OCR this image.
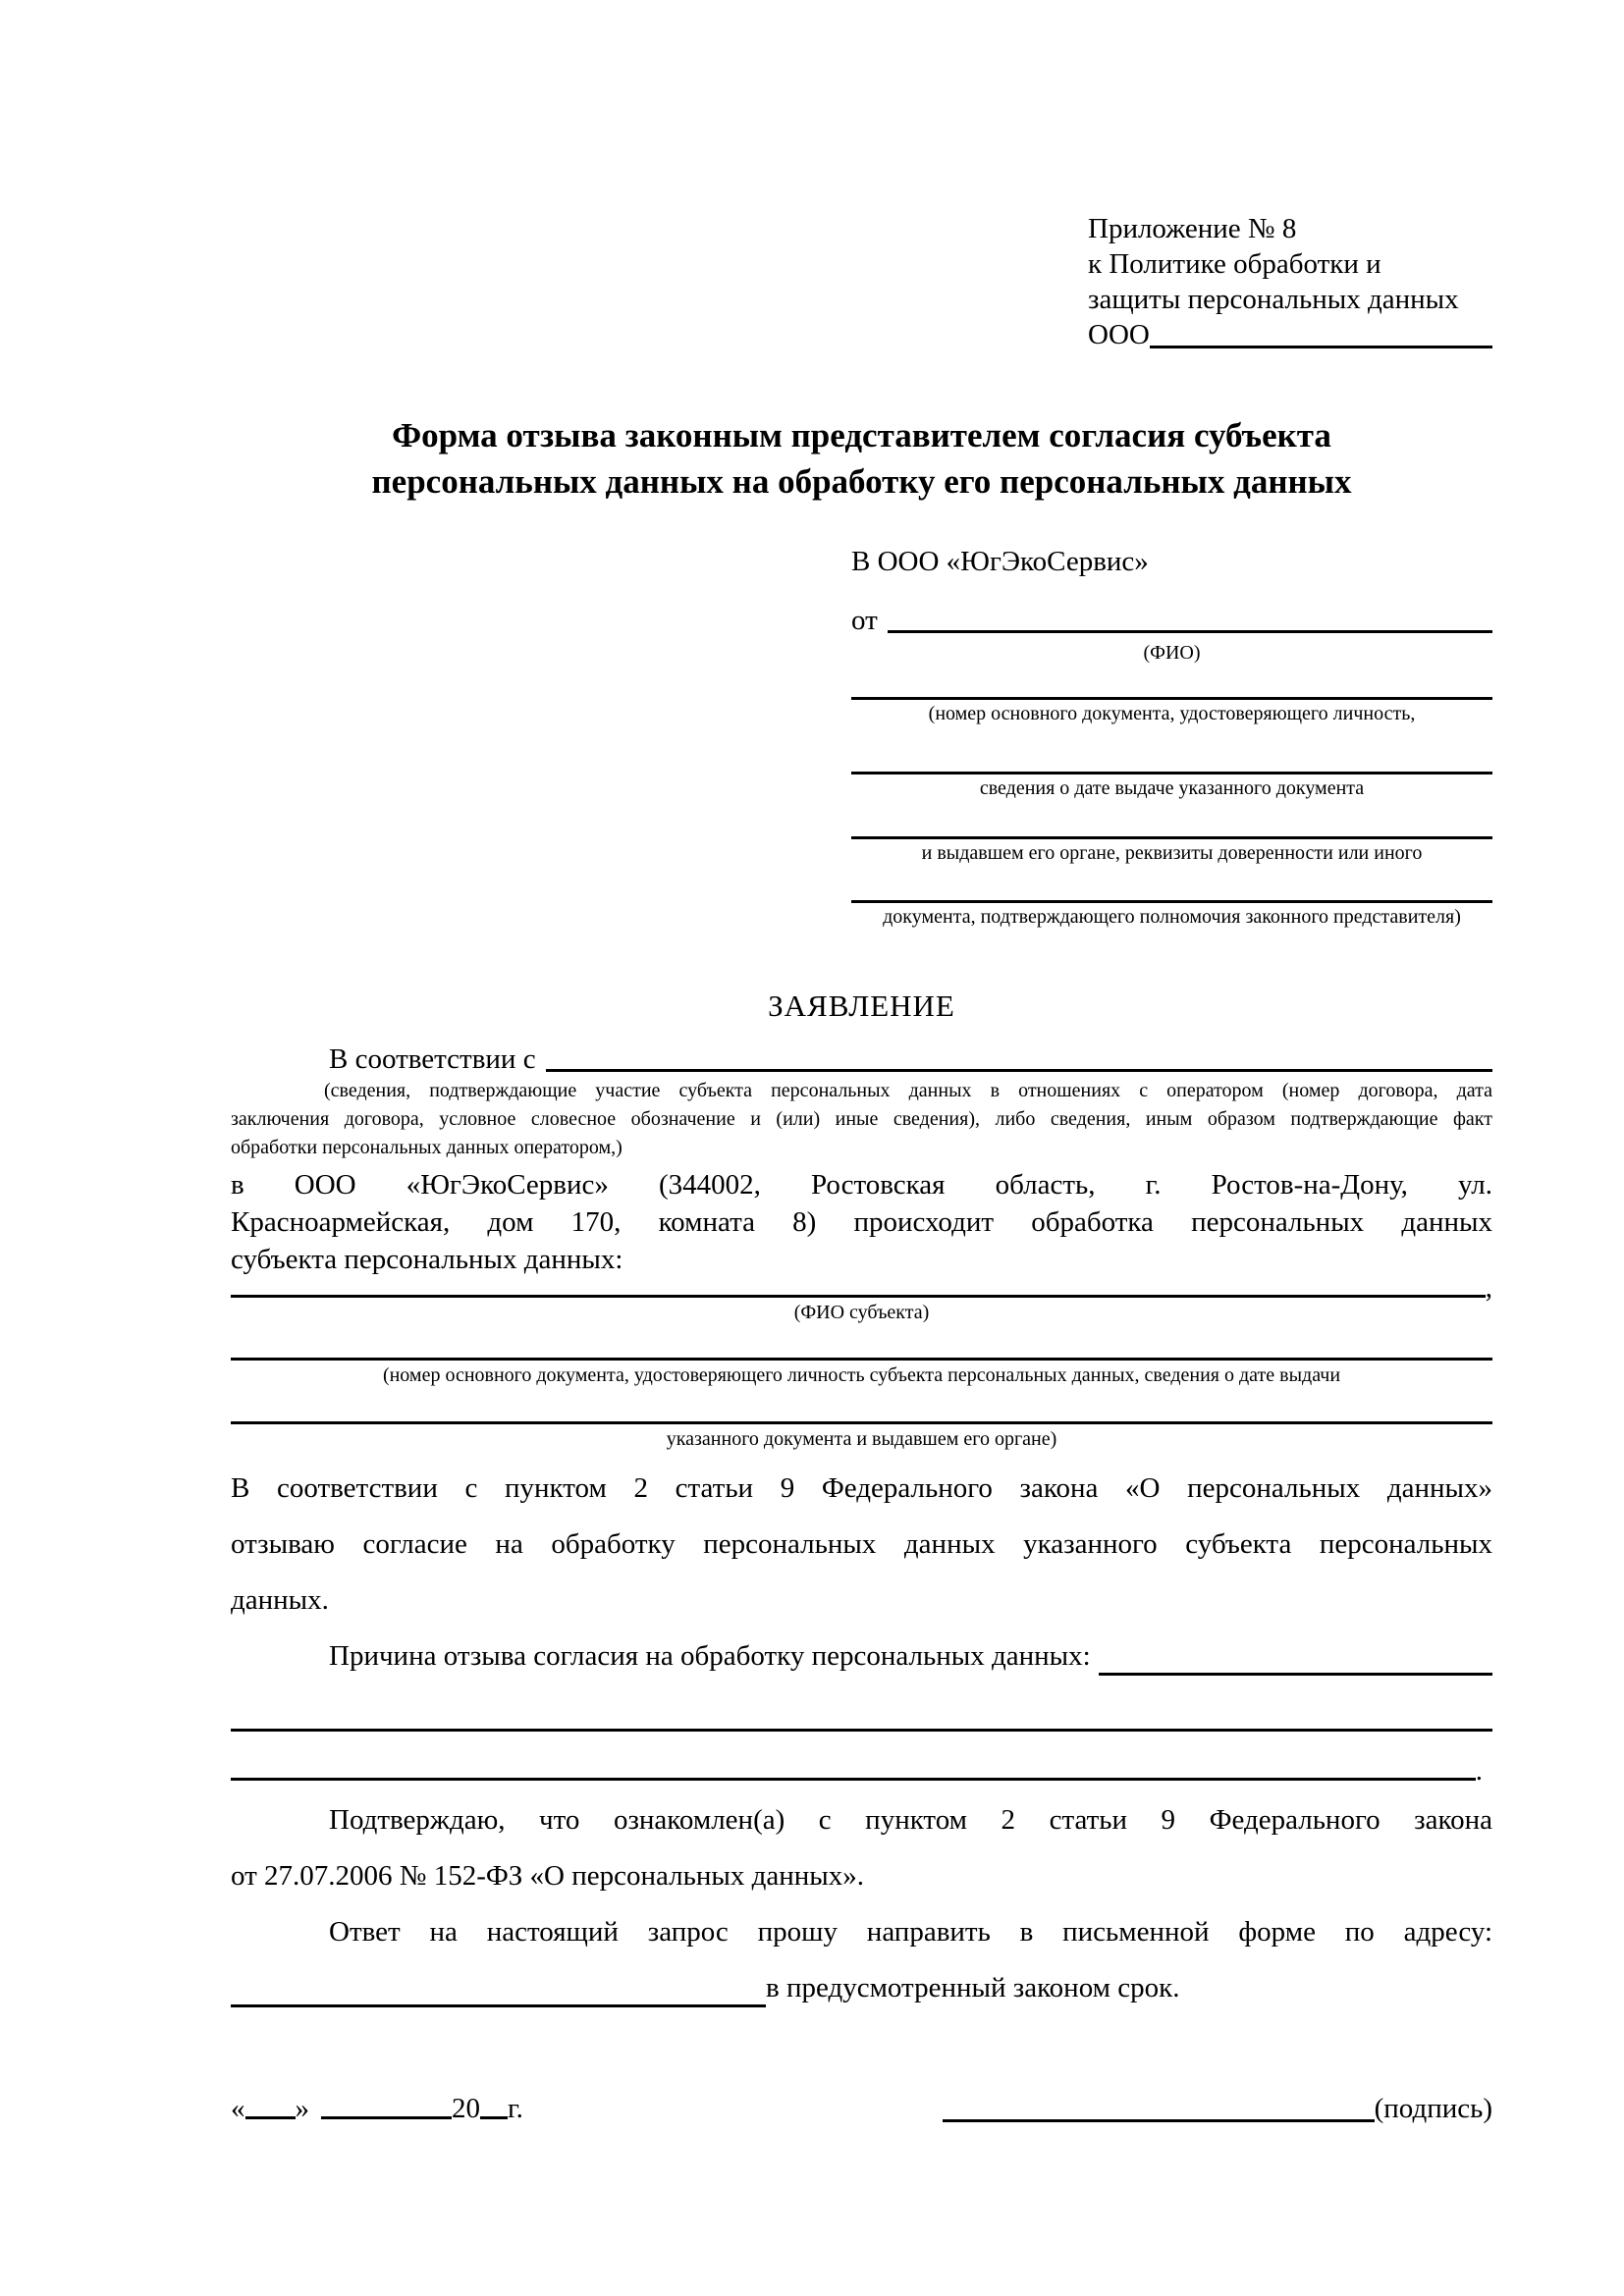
Приложение № 8
к Политике обработки и
защиты персональных данных
ООО
Форма отзыва законным представителем согласия субъекта персональных данных на обработку его персональных данных
В ООО «ЮгЭкоСервис»
от
(ФИО)
(номер основного документа, удостоверяющего личность,
сведения о дате выдаче указанного документа
и выдавшем его органе, реквизиты доверенности или иного
документа, подтверждающего полномочия законного представителя)
ЗАЯВЛЕНИЕ
В соответствии с
(сведения, подтверждающие участие субъекта персональных данных в отношениях с оператором (номер договора, дата
заключения договора, условное словесное обозначение и (или) иные сведения), либо сведения, иным образом подтверждающие факт
обработки персональных данных оператором,)
в ООО «ЮгЭкоСервис» (344002, Ростовская область, г. Ростов-на-Дону, ул.
Красноармейская, дом 170, комната 8) происходит обработка персональных данных
субъекта персональных данных:
,
(ФИО субъекта)
(номер основного документа, удостоверяющего личность субъекта персональных данных, сведения о дате выдачи
указанного документа и выдавшем его органе)
В соответствии с пунктом 2 статьи 9 Федерального закона «О персональных данных»
отзываю согласие на обработку персональных данных указанного субъекта персональных
данных.
Причина отзыва согласия на обработку персональных данных:
.
Подтверждаю, что ознакомлен(а) с пунктом 2 статьи 9 Федерального закона
от 27.07.2006 № 152-ФЗ «О персональных данных».
Ответ на настоящий запрос прошу направить в письменной форме по адресу:
в предусмотренный законом срок.
« »	20 г.	(подпись)
